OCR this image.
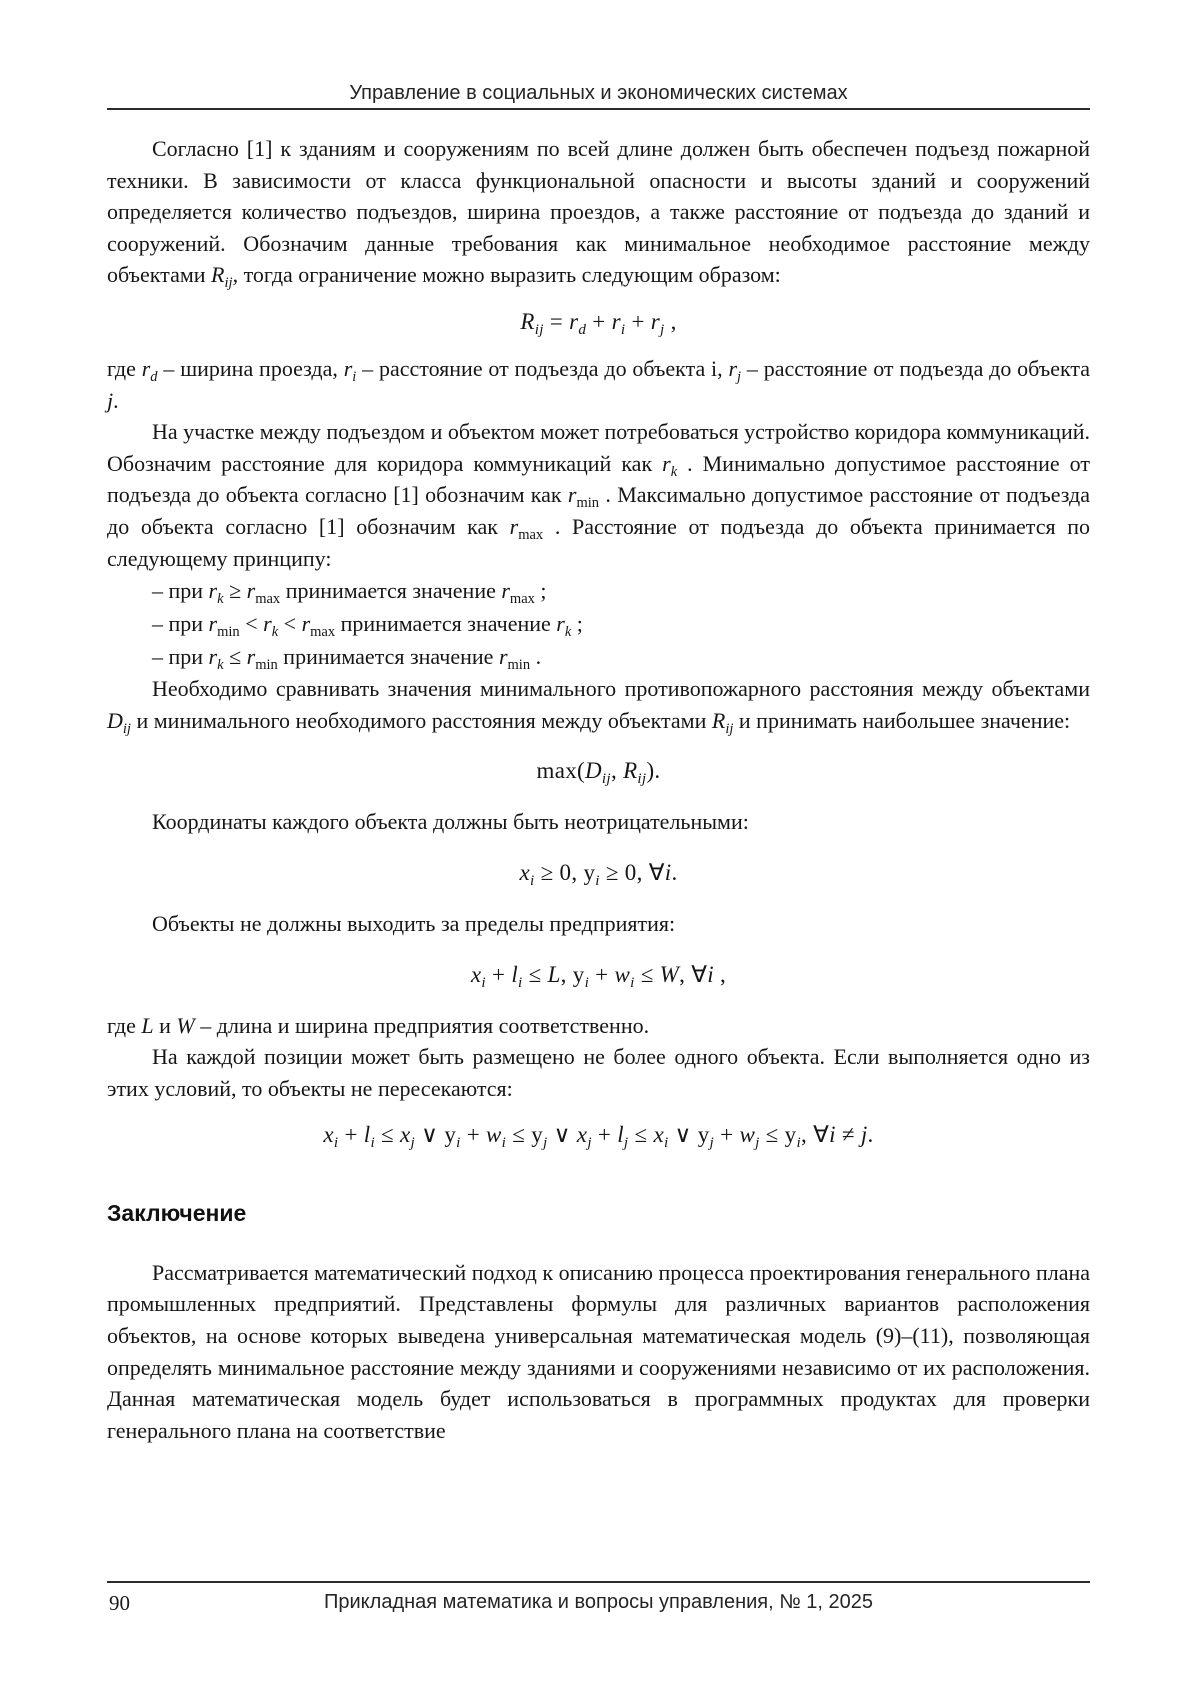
Управление в социальных и экономических системах

Согласно [1] к зданиям и сооружениям по всей длине должен быть обеспечен подъезд пожарной техники. В зависимости от класса функциональной опасности и высоты зданий и сооружений определяется количество подъездов, ширина проездов, а также расстояние от подъезда до зданий и сооружений. Обозначим данные требования как минимальное необходимое расстояние между объектами $R_{ij}$, тогда ограничение можно выразить следующим образом:

$R_{ij} = r_d + r_i + r_j$ ,

где $r_d$ – ширина проезда, $r_i$ – расстояние от подъезда до объекта i, $r_j$ – расстояние от подъезда до объекта j.

На участке между подъездом и объектом может потребоваться устройство коридора коммуникаций. Обозначим расстояние для коридора коммуникаций как $r_k$ . Минимально допустимое расстояние от подъезда до объекта согласно [1] обозначим как $r_{min}$ . Максимально допустимое расстояние от подъезда до объекта согласно [1] обозначим как $r_{max}$ . Расстояние от подъезда до объекта принимается по следующему принципу:

– при $r_k \ge r_{max}$ принимается значение $r_{max}$ ;

– при $r_{min} < r_k < r_{max}$ принимается значение $r_k$ ;

– при $r_k \le r_{min}$ принимается значение $r_{min}$ .

Необходимо сравнивать значения минимального противопожарного расстояния между объектами $D_{ij}$ и минимального необходимого расстояния между объектами $R_{ij}$ и принимать наибольшее значение:

$\max(D_{ij}$, $R_{ij}$).

Координаты каждого объекта должны быть неотрицательными:

$x_i \ge 0$, $y_i \ge 0$, ∀i.

Объекты не должны выходить за пределы предприятия:

$x_i + l_i \le L$, $y_i + w_i \le W$, ∀i ,

где L и W – длина и ширина предприятия соответственно.

На каждой позиции может быть размещено не более одного объекта. Если выполняется одно из этих условий, то объекты не пересекаются:

$x_i + l_i \le x_j$ ∨ $y_i + w_i \le y_j$ ∨ $x_j + l_j \le x_i$ ∨ $y_j + w_j \le y_i$, ∀i ≠ j.

Заключение

Рассматривается математический подход к описанию процесса проектирования генерального плана промышленных предприятий. Представлены формулы для различных вариантов расположения объектов, на основе которых выведена универсальная математическая модель (9)–(11), позволяющая определять минимальное расстояние между зданиями и сооружениями независимо от их расположения. Данная математическая модель будет использоваться в программных продуктах для проверки генерального плана на соответствие

90	Прикладная математика и вопросы управления, № 1, 2025
